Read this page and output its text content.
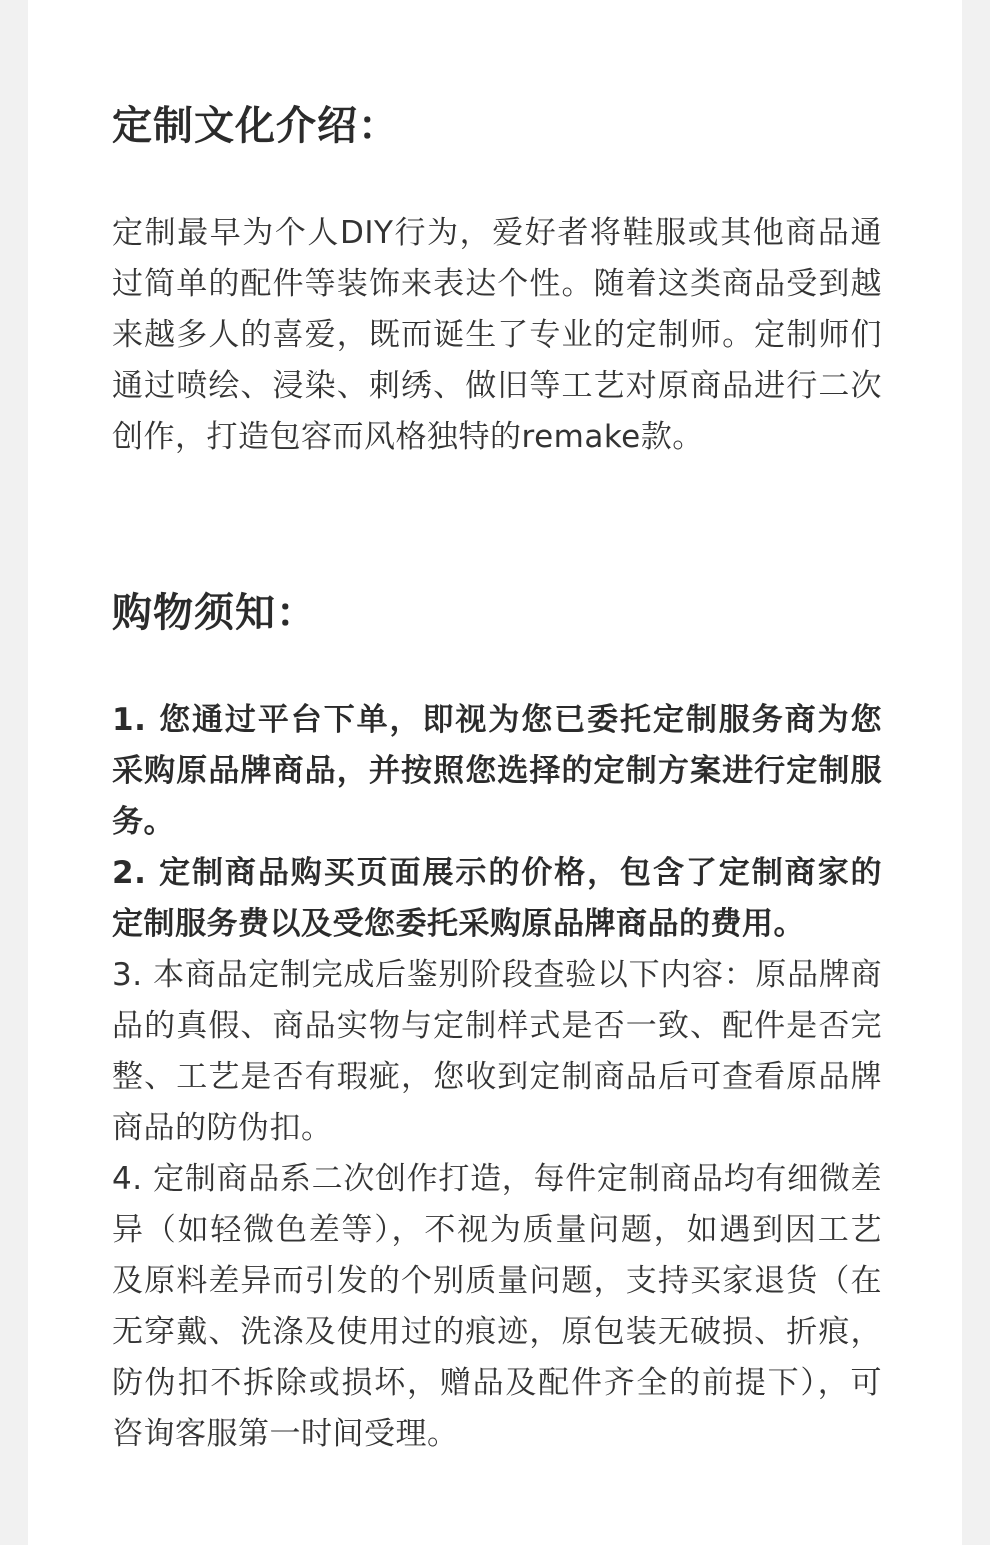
定制文化介绍：

定制最早为个人DIY行为，爱好者将鞋服或其他商品通过简单的配件等装饰来表达个性。随着这类商品受到越来越多人的喜爱，既而诞生了专业的定制师。定制师们通过喷绘、浸染、刺绣、做旧等工艺对原商品进行二次创作，打造包容而风格独特的remake款。

购物须知：
1. 您通过平台下单，即视为您已委托定制服务商为您采购原品牌商品，并按照您选择的定制方案进行定制服务。
2. 定制商品购买页面展示的价格，包含了定制商家的定制服务费以及受您委托采购原品牌商品的费用。
3. 本商品定制完成后鉴别阶段查验以下内容：原品牌商品的真假、商品实物与定制样式是否一致、配件是否完整、工艺是否有瑕疵，您收到定制商品后可查看原品牌商品的防伪扣。
4. 定制商品系二次创作打造，每件定制商品均有细微差异（如轻微色差等），不视为质量问题，如遇到因工艺及原料差异而引发的个别质量问题，支持买家退货（在无穿戴、洗涤及使用过的痕迹，原包装无破损、折痕，防伪扣不拆除或损坏，赠品及配件齐全的前提下），可咨询客服第一时间受理。
